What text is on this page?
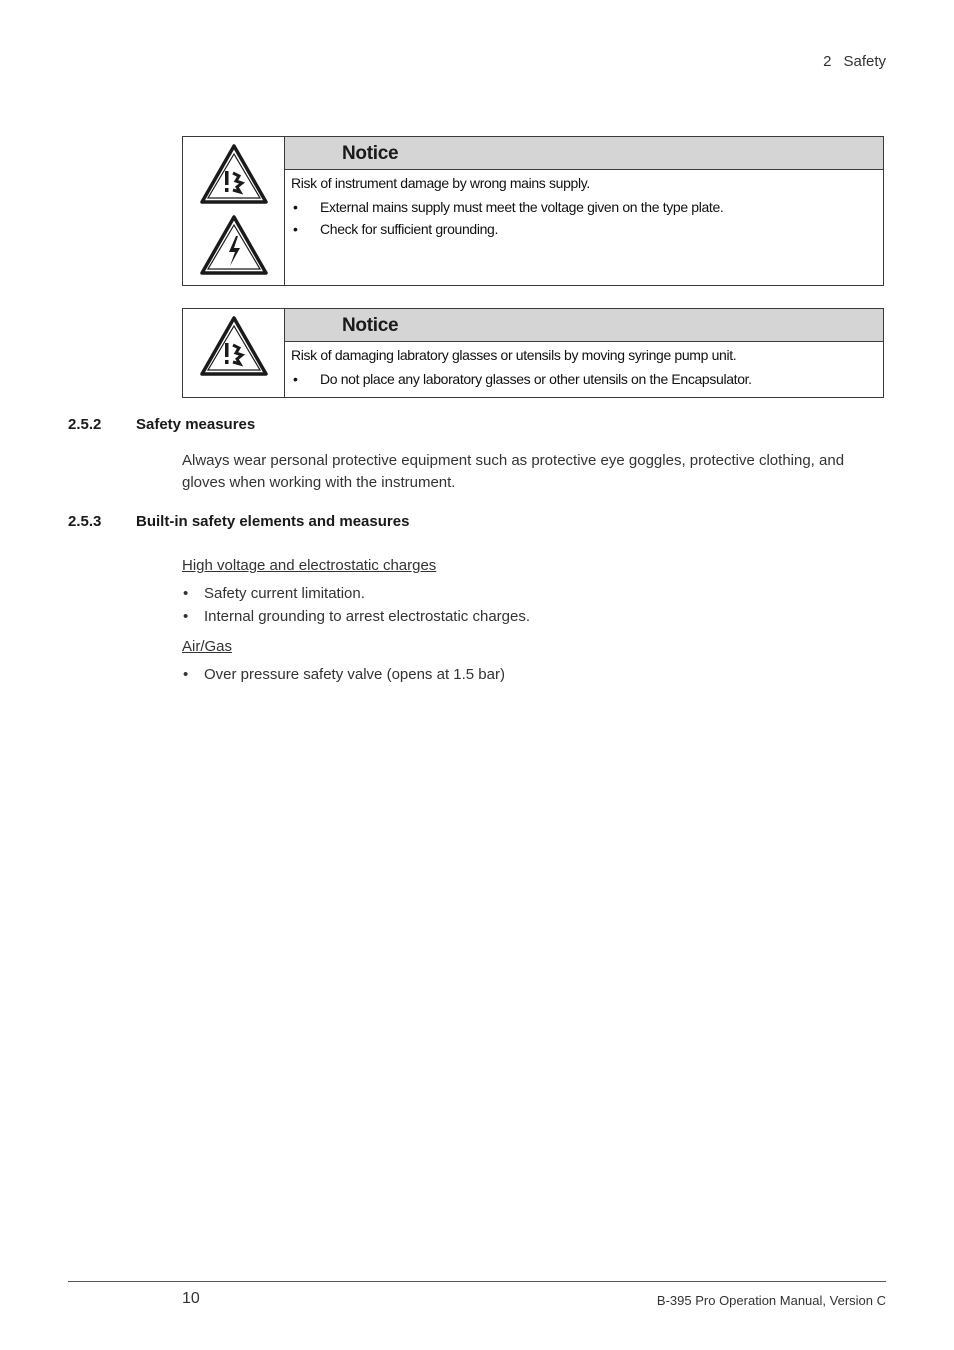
2 Safety
Notice

Risk of instrument damage by wrong mains supply.

• External mains supply must meet the voltage given on the type plate.
• Check for sufficient grounding.
Notice

Risk of damaging labratory glasses or utensils by moving syringe pump unit.

• Do not place any laboratory glasses or other utensils on the Encapsulator.
2.5.2 Safety measures
Always wear personal protective equipment such as protective eye goggles, protective clothing, and gloves when working with the instrument.
2.5.3 Built-in safety elements and measures
High voltage and electrostatic charges
• Safety current limitation.
• Internal grounding to arrest electrostatic charges.
Air/Gas
• Over pressure safety valve (opens at 1.5 bar)
10	B-395 Pro Operation Manual, Version C
